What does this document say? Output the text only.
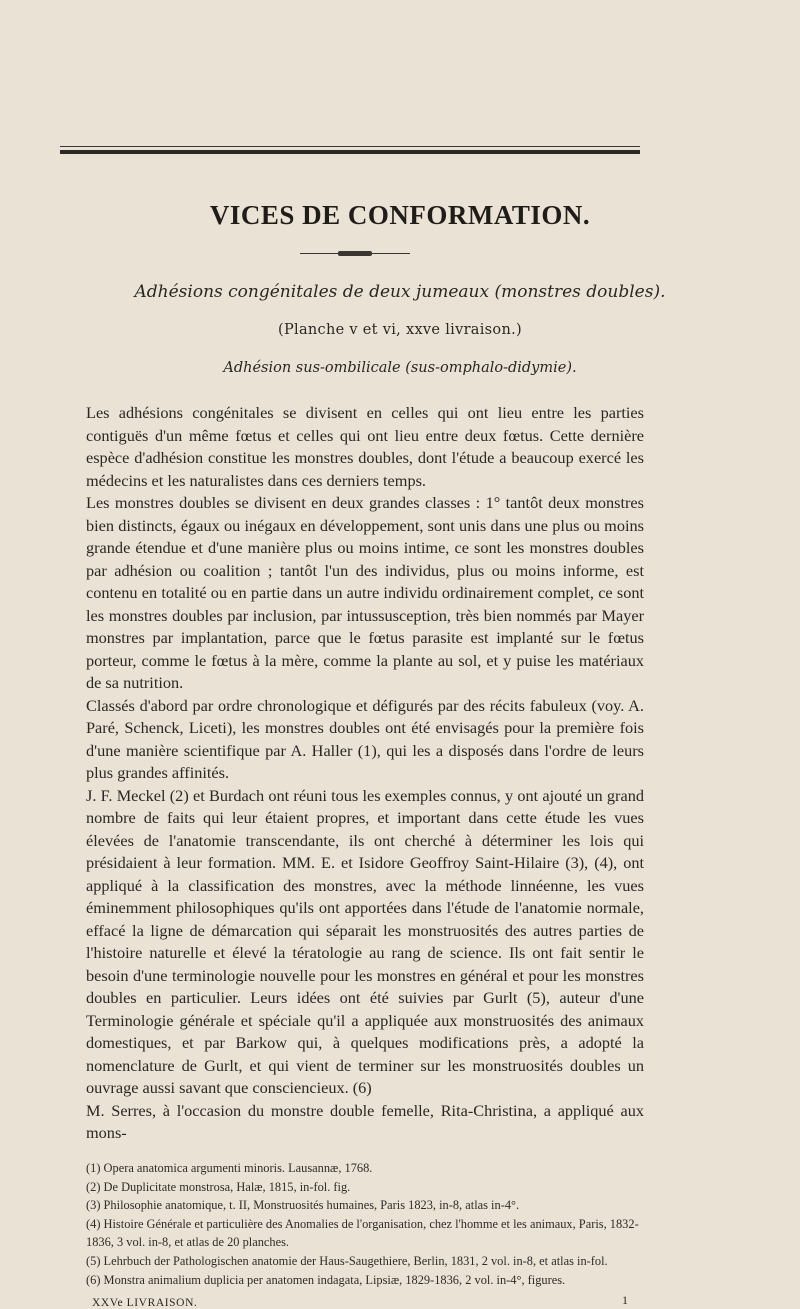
VICES DE CONFORMATION.
Adhésions congénitales de deux jumeaux (monstres doubles).
(Planche v et vi, xxve livraison.)
Adhésion sus-ombilicale (sus-omphalo-didymie).

Les adhésions congénitales se divisent en celles qui ont lieu entre les parties contiguës d'un même fœtus et celles qui ont lieu entre deux fœtus. Cette dernière espèce d'adhésion constitue les monstres doubles, dont l'étude a beaucoup exercé les médecins et les naturalistes dans ces derniers temps.

Les monstres doubles se divisent en deux grandes classes : 1° tantôt deux monstres bien distincts, égaux ou inégaux en développement, sont unis dans une plus ou moins grande étendue et d'une manière plus ou moins intime, ce sont les monstres doubles par adhésion ou coalition ; tantôt l'un des individus, plus ou moins informe, est contenu en totalité ou en partie dans un autre individu ordinairement complet, ce sont les monstres doubles par inclusion, par intussusception, très bien nommés par Mayer monstres par implantation, parce que le fœtus parasite est implanté sur le fœtus porteur, comme le fœtus à la mère, comme la plante au sol, et y puise les matériaux de sa nutrition.

Classés d'abord par ordre chronologique et défigurés par des récits fabuleux (voy. A. Paré, Schenck, Liceti), les monstres doubles ont été envisagés pour la première fois d'une manière scientifique par A. Haller (1), qui les a disposés dans l'ordre de leurs plus grandes affinités.

J. F. Meckel (2) et Burdach ont réuni tous les exemples connus, y ont ajouté un grand nombre de faits qui leur étaient propres, et important dans cette étude les vues élevées de l'anatomie transcendante, ils ont cherché à déterminer les lois qui présidaient à leur formation. MM. E. et Isidore Geoffroy Saint-Hilaire (3), (4), ont appliqué à la classification des monstres, avec la méthode linnéenne, les vues éminemment philosophiques qu'ils ont apportées dans l'étude de l'anatomie normale, effacé la ligne de démarcation qui séparait les monstruosités des autres parties de l'histoire naturelle et élevé la tératologie au rang de science. Ils ont fait sentir le besoin d'une terminologie nouvelle pour les monstres en général et pour les monstres doubles en particulier. Leurs idées ont été suivies par Gurlt (5), auteur d'une Terminologie générale et spéciale qu'il a appliquée aux monstruosités des animaux domestiques, et par Barkow qui, à quelques modifications près, a adopté la nomenclature de Gurlt, et qui vient de terminer sur les monstruosités doubles un ouvrage aussi savant que consciencieux. (6)

M. Serres, à l'occasion du monstre double femelle, Rita-Christina, a appliqué aux mons-

(1) Opera anatomica argumenti minoris. Lausannæ, 1768.

(2) De Duplicitate monstrosa, Halæ, 1815, in-fol. fig.

(3) Philosophie anatomique, t. II, Monstruosités humaines, Paris 1823, in-8, atlas in-4°.

(4) Histoire Générale et particulière des Anomalies de l'organisation, chez l'homme et les animaux, Paris, 1832-1836, 3 vol. in-8, et atlas de 20 planches.

(5) Lehrbuch der Pathologischen anatomie der Haus-Saugethiere, Berlin, 1831, 2 vol. in-8, et atlas in-fol.

(6) Monstra animalium duplicia per anatomen indagata, Lipsiæ, 1829-1836, 2 vol. in-4°, figures.

XXVe LIVRAISON.	1
